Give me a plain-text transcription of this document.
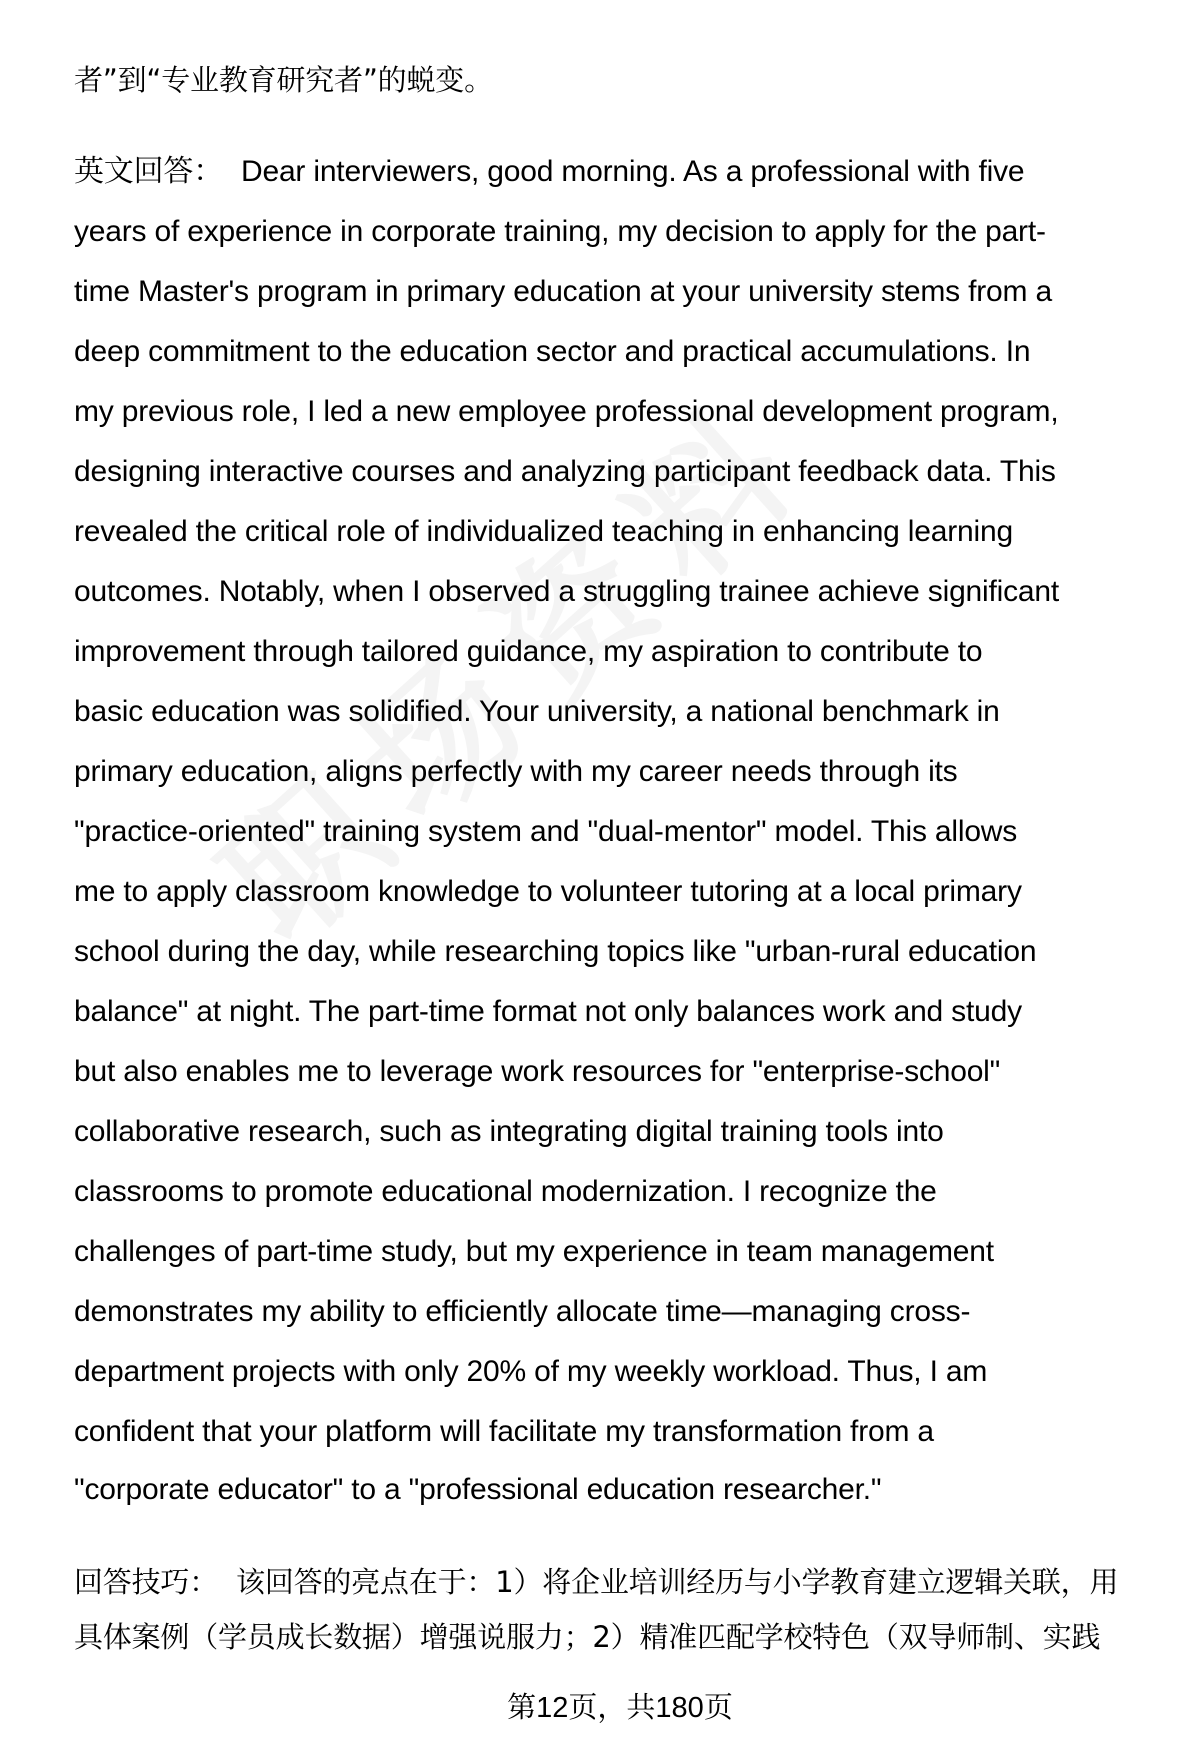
者”到“专业教育研究者”的蜕变。
英文回答： Dear interviewers, good morning. As a professional with five
years of experience in corporate training, my decision to apply for the part-
time Master's program in primary education at your university stems from a
deep commitment to the education sector and practical accumulations. In
my previous role, I led a new employee professional development program,
designing interactive courses and analyzing participant feedback data. This
revealed the critical role of individualized teaching in enhancing learning
outcomes. Notably, when I observed a struggling trainee achieve significant
improvement through tailored guidance, my aspiration to contribute to
basic education was solidified. Your university, a national benchmark in
primary education, aligns perfectly with my career needs through its
"practice-oriented" training system and "dual-mentor" model. This allows
me to apply classroom knowledge to volunteer tutoring at a local primary
school during the day, while researching topics like "urban-rural education
balance" at night. The part-time format not only balances work and study
but also enables me to leverage work resources for "enterprise-school"
collaborative research, such as integrating digital training tools into
classrooms to promote educational modernization. I recognize the
challenges of part-time study, but my experience in team management
demonstrates my ability to efficiently allocate time—managing cross-
department projects with only 20% of my weekly workload. Thus, I am
confident that your platform will facilitate my transformation from a
"corporate educator" to a "professional education researcher."
回答技巧： 该回答的亮点在于：1）将企业培训经历与小学教育建立逻辑关联，用
具体案例（学员成长数据）增强说服力；2）精准匹配学校特色（双导师制、实践
第12页，共180页
